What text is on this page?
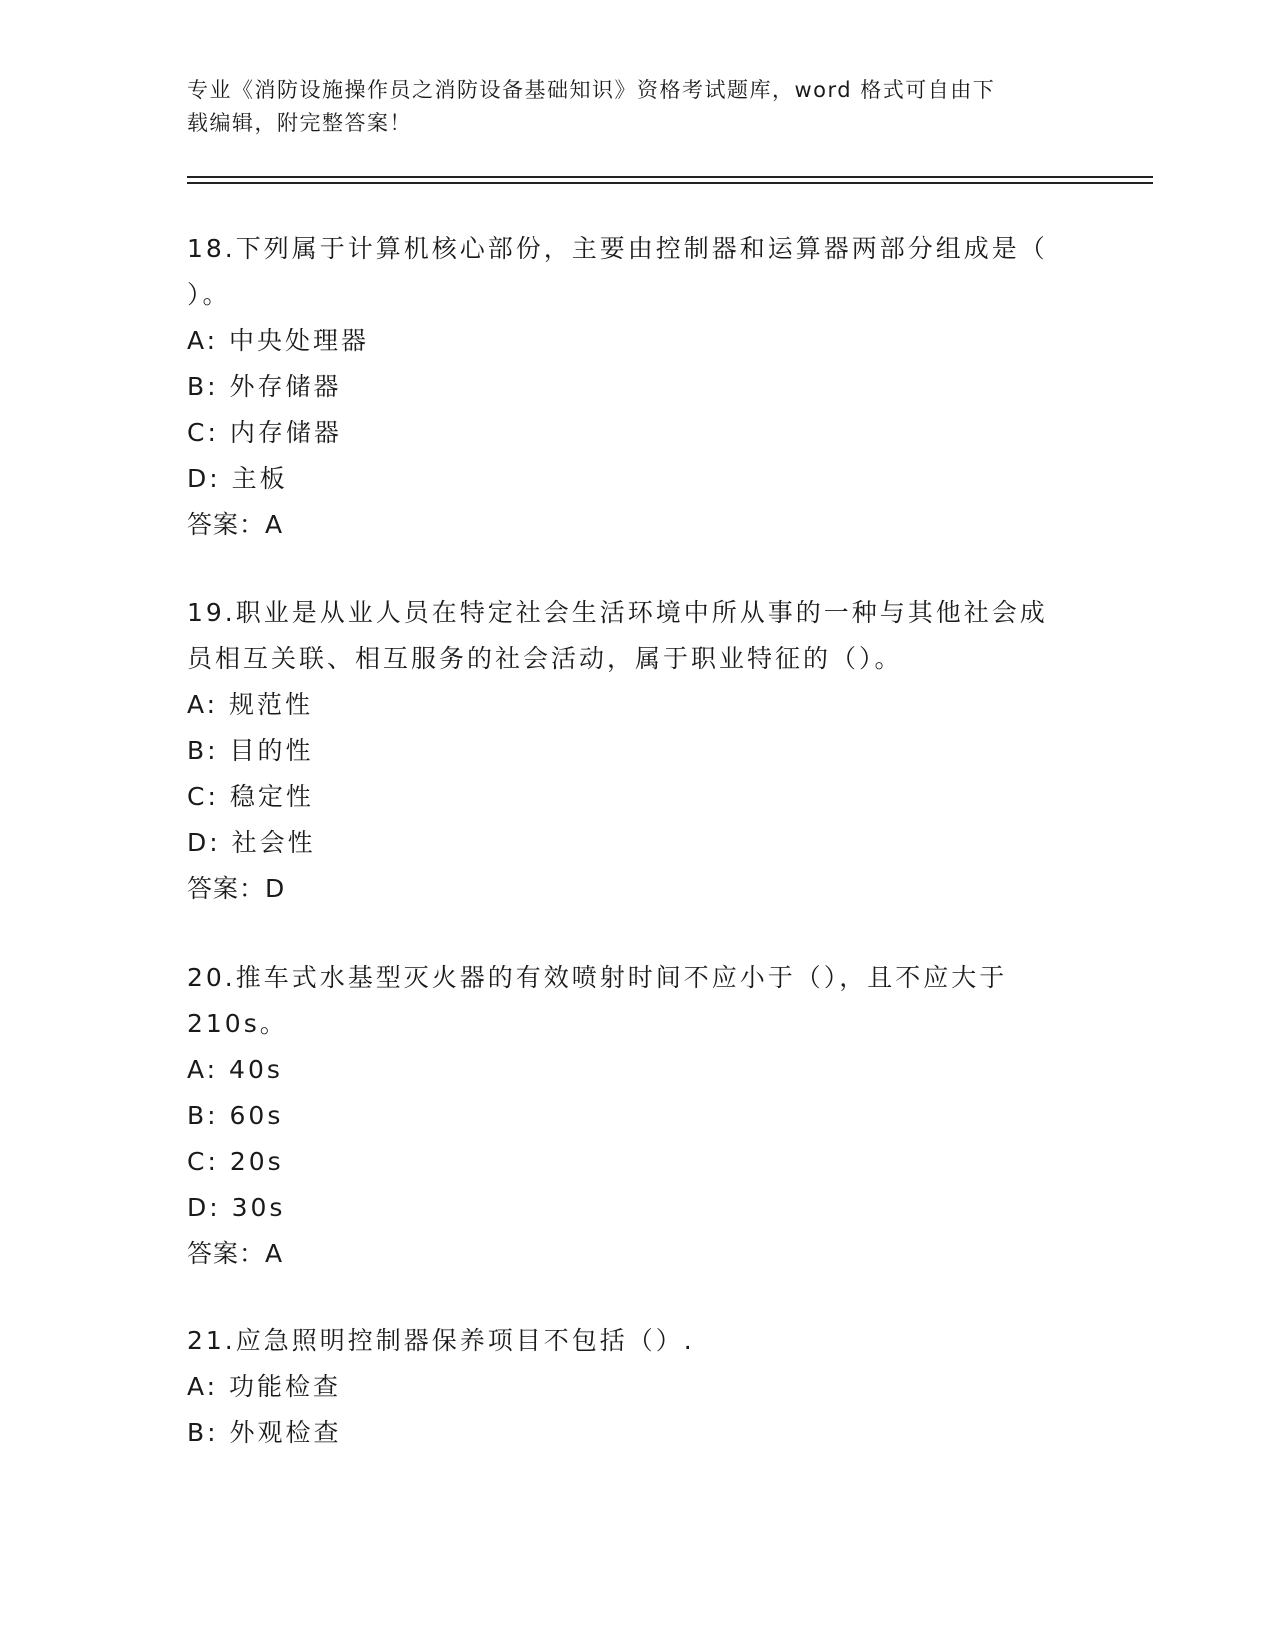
专业《消防设施操作员之消防设备基础知识》资格考试题库，word 格式可自由下
载编辑，附完整答案！
18.下列属于计算机核心部份，主要由控制器和运算器两部分组成是（
）。
A: 中央处理器
B: 外存储器
C: 内存储器
D: 主板
答案：A
19.职业是从业人员在特定社会生活环境中所从事的一种与其他社会成
员相互关联、相互服务的社会活动，属于职业特征的（）。
A: 规范性
B: 目的性
C: 稳定性
D: 社会性
答案：D
20.推车式水基型灭火器的有效喷射时间不应小于（），且不应大于
210s。
A: 40s
B: 60s
C: 20s
D: 30s
答案：A
21.应急照明控制器保养项目不包括（）.
A: 功能检查
B: 外观检查
